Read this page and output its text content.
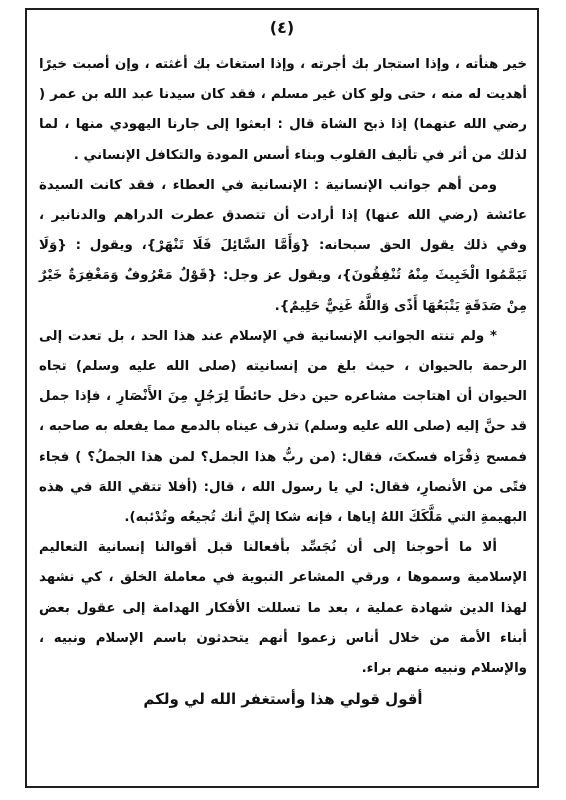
(٤)

خير هنأته ، وإذا استجار بك أجرته ، وإذا استغاث بك أغثته ، وإن أصبت خيرًا أهديت له منه ، حتى ولو كان غير مسلم ، فقد كان سيدنا عبد الله بن عمر ( رضي الله عنهما) إذا ذبح الشاة قال : ابعثوا إلى جارنا اليهودي منها ، لما لذلك من أثر في تأليف القلوب وبناء أسس المودة والتكافل الإنساني .

ومن أهم جوانب الإنسانية : الإنسانية في العطاء ، فقد كانت السيدة عائشة (رضي الله عنها) إذا أرادت أن تتصدق عطرت الدراهم والدنانير ، وفي ذلك يقول الحق سبحانه: {وَأَمَّا السَّائِلَ فَلَا تَنْهَرْ}، ويقول : {وَلَا تَيَمَّمُوا الْخَبِيثَ مِنْهُ تُنْفِقُونَ}، ويقول عز وجل: {قَوْلٌ مَعْرُوفٌ وَمَغْفِرَةٌ خَيْرٌ مِنْ صَدَقَةٍ يَتْبَعُهَا أَذًى وَاللَّهُ غَنِيٌّ حَلِيمٌ}.

* ولم تنته الجوانب الإنسانية في الإسلام عند هذا الحد ، بل تعدت إلى الرحمة بالحيوان ، حيث بلغ من إنسانيته (صلى الله عليه وسلم) تجاه الحيوان أن اهتاجت مشاعره حين دخل حائطًا لِرَجُلٍ مِنَ الأَنْصَارِ ، فإذا جمل قد حنَّ إليه (صلى الله عليه وسلم) تذرف عيناه بالدمع مما يفعله به صاحبه ، فمسح ذِفْرَاه فسكتَ، فقال: (من ربُّ هذا الجمل؟ لمن هذا الجملُ؟ ) فجاء فتًى من الأنصارِ، فقال: لي يا رسول الله ، قال: (أفلا تتقي اللهَ في هذه البهيمةِ التي مَلَّكَكَ اللهُ إياها ، فإنه شكا إليَّ أنك تُجيعُه وتُدْئبه).

ألا ما أحوجنا إلى أن نُجَسِّد بأفعالنا قبل أقوالنا إنسانية التعاليم الإسلامية وسموها ، ورقي المشاعر النبوية في معاملة الخلق ، كي نشهد لهذا الدين شهادة عملية ، بعد ما تسللت الأفكار الهدامة إلى عقول بعض أبناء الأمة من خلال أناس زعموا أنهم يتحدثون باسم الإسلام ونبيه ، والإسلام ونبيه منهم براء.

أقول قولي هذا وأستغفر الله لي ولكم
